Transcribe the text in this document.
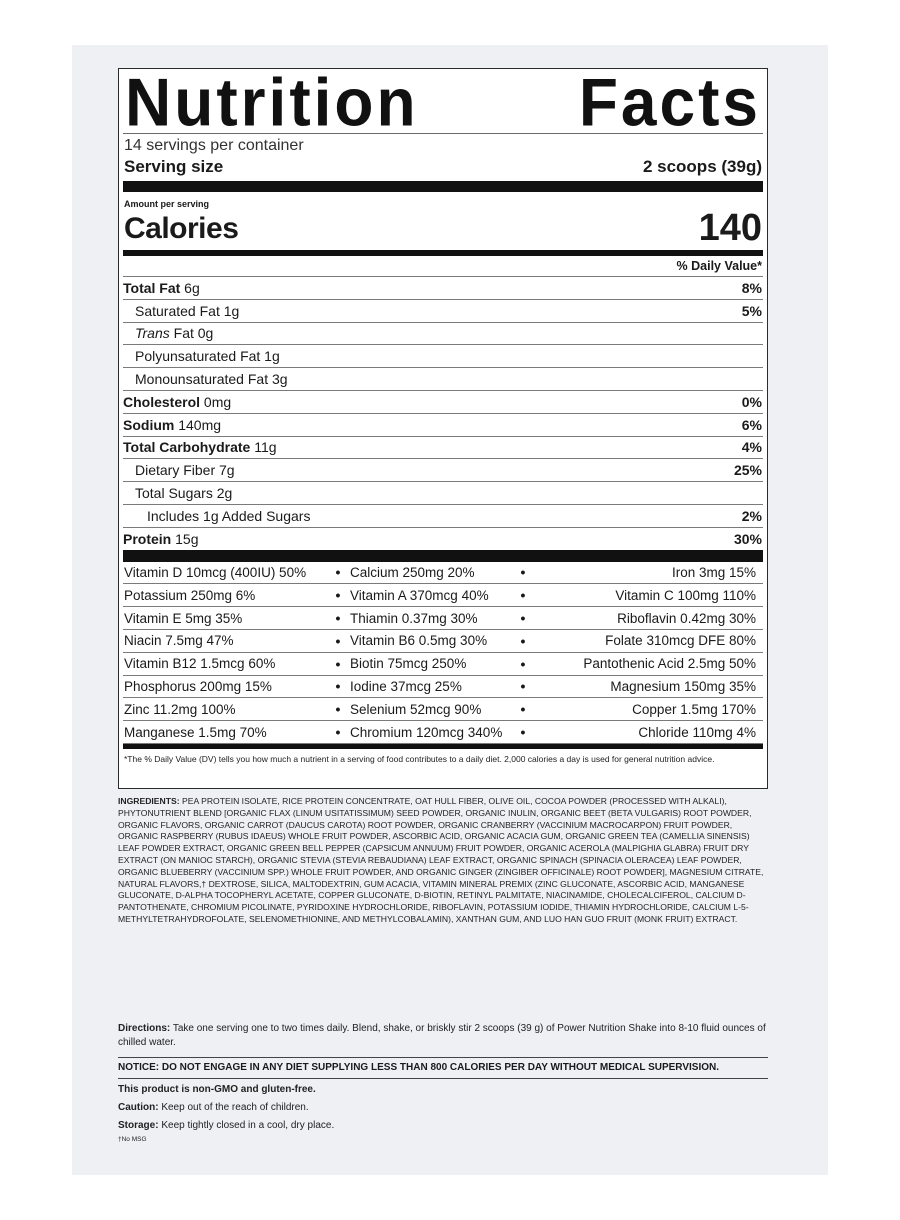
Nutrition	Facts
14 servings per container
Serving size	2 scoops (39g)
Amount per serving
Calories	140
% Daily Value*
Total Fat 6g	8%
Saturated Fat 1g	5%
Trans Fat 0g
Polyunsaturated Fat 1g
Monounsaturated Fat 3g
Cholesterol 0mg	0%
Sodium 140mg	6%
Total Carbohydrate 11g	4%
Dietary Fiber 7g	25%
Total Sugars 2g
Includes 1g Added Sugars	2%
Protein 15g	30%
Vitamin D 10mcg (400IU) 50%	• Calcium 250mg 20%	•	Iron 3mg 15%
Potassium 250mg 6%	• Vitamin A 370mcg 40%	•	Vitamin C 100mg 110%
Vitamin E 5mg 35%	• Thiamin 0.37mg 30%	•	Riboflavin 0.42mg 30%
Niacin 7.5mg 47%	• Vitamin B6 0.5mg 30%	•	Folate 310mcg DFE 80%
Vitamin B12 1.5mcg 60%	• Biotin 75mcg 250%	•	Pantothenic Acid 2.5mg 50%
Phosphorus 200mg 15%	• Iodine 37mcg 25%	•	Magnesium 150mg 35%
Zinc 11.2mg 100%	• Selenium 52mcg 90%	•	Copper 1.5mg 170%
Manganese 1.5mg 70%	• Chromium 120mcg 340%	•	Chloride 110mg 4%
*The % Daily Value (DV) tells you how much a nutrient in a serving of food contributes to a daily diet. 2,000 calories a day is used for general nutrition advice.
INGREDIENTS: PEA PROTEIN ISOLATE, RICE PROTEIN CONCENTRATE, OAT HULL FIBER, OLIVE OIL, COCOA POWDER (PROCESSED WITH ALKALI), PHYTONUTRIENT BLEND [ORGANIC FLAX (LINUM USITATISSIMUM) SEED POWDER, ORGANIC INULIN, ORGANIC BEET (BETA VULGARIS) ROOT POWDER, ORGANIC FLAVORS, ORGANIC CARROT (DAUCUS CAROTA) ROOT POWDER, ORGANIC CRANBERRY (VACCINIUM MACROCARPON) FRUIT POWDER, ORGANIC RASPBERRY (RUBUS IDAEUS) WHOLE FRUIT POWDER, ASCORBIC ACID, ORGANIC ACACIA GUM, ORGANIC GREEN TEA (CAMELLIA SINENSIS) LEAF POWDER EXTRACT, ORGANIC GREEN BELL PEPPER (CAPSICUM ANNUUM) FRUIT POWDER, ORGANIC ACEROLA (MALPIGHIA GLABRA) FRUIT DRY EXTRACT (ON MANIOC STARCH), ORGANIC STEVIA (STEVIA REBAUDIANA) LEAF EXTRACT, ORGANIC SPINACH (SPINACIA OLERACEA) LEAF POWDER, ORGANIC BLUEBERRY (VACCINIUM SPP.) WHOLE FRUIT POWDER, AND ORGANIC GINGER (ZINGIBER OFFICINALE) ROOT POWDER], MAGNESIUM CITRATE, NATURAL FLAVORS,† DEXTROSE, SILICA, MALTODEXTRIN, GUM ACACIA, VITAMIN MINERAL PREMIX (ZINC GLUCONATE, ASCORBIC ACID, MANGANESE GLUCONATE, D-ALPHA TOCOPHERYL ACETATE, COPPER GLUCONATE, D-BIOTIN, RETINYL PALMITATE, NIACINAMIDE, CHOLECALCIFEROL, CALCIUM D-PANTOTHENATE, CHROMIUM PICOLINATE, PYRIDOXINE HYDROCHLORIDE, RIBOFLAVIN, POTASSIUM IODIDE, THIAMIN HYDROCHLORIDE, CALCIUM L-5-METHYLTETRAHYDROFOLATE, SELENOMETHIONINE, AND METHYLCOBALAMIN), XANTHAN GUM, AND LUO HAN GUO FRUIT (MONK FRUIT) EXTRACT.
Directions: Take one serving one to two times daily. Blend, shake, or briskly stir 2 scoops (39 g) of Power Nutrition Shake into 8-10 fluid ounces of chilled water.
NOTICE: DO NOT ENGAGE IN ANY DIET SUPPLYING LESS THAN 800 CALORIES PER DAY WITHOUT MEDICAL SUPERVISION.
This product is non-GMO and gluten-free.
Caution: Keep out of the reach of children.
Storage: Keep tightly closed in a cool, dry place.
†No MSG
